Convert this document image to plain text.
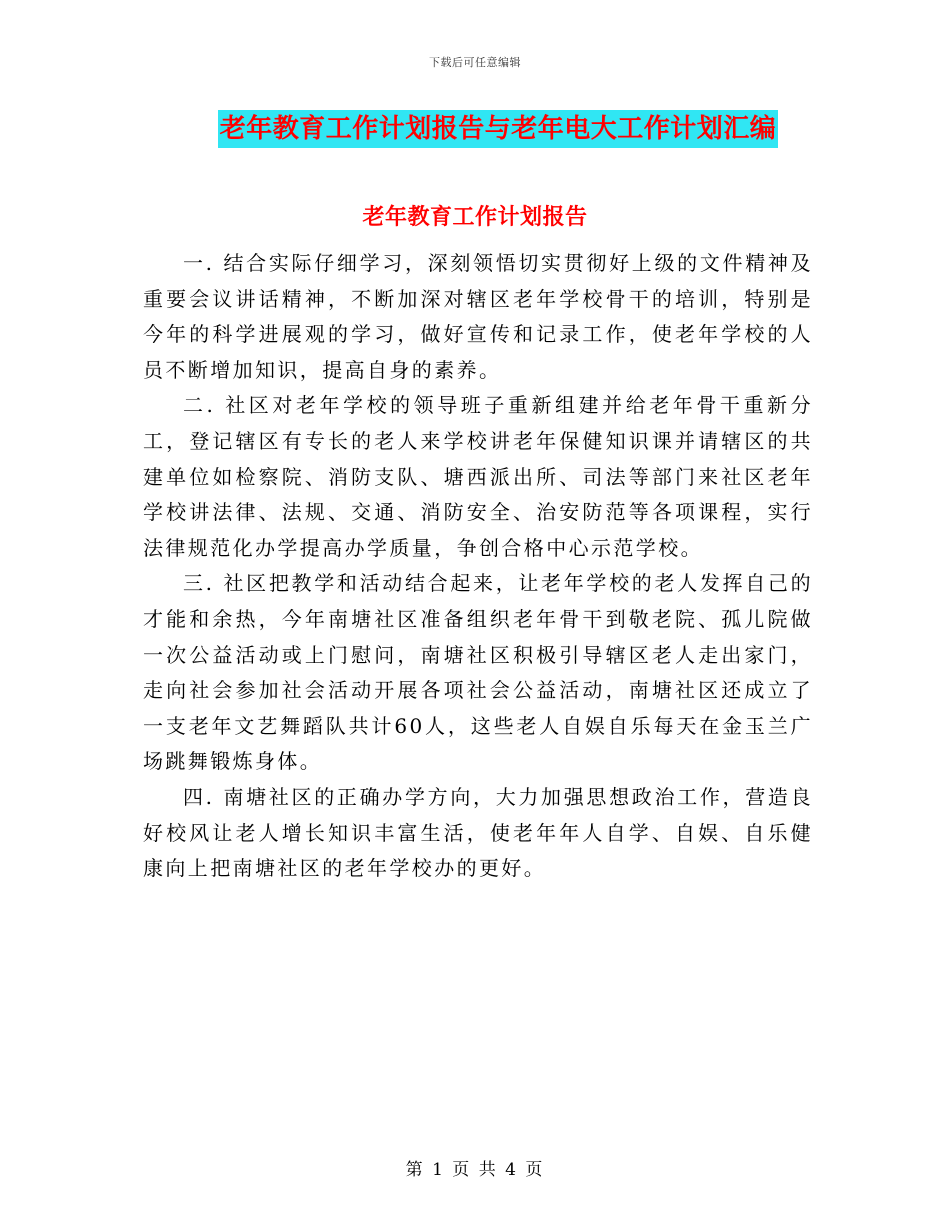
下载后可任意编辑
老年教育工作计划报告与老年电大工作计划汇编
老年教育工作计划报告

一. 结合实际仔细学习，深刻领悟切实贯彻好上级的文件精神及重要会议讲话精神，不断加深对辖区老年学校骨干的培训，特别是今年的科学进展观的学习，做好宣传和记录工作，使老年学校的人员不断增加知识，提高自身的素养。

二. 社区对老年学校的领导班子重新组建并给老年骨干重新分工，登记辖区有专长的老人来学校讲老年保健知识课并请辖区的共建单位如检察院、消防支队、塘西派出所、司法等部门来社区老年学校讲法律、法规、交通、消防安全、治安防范等各项课程，实行法律规范化办学提高办学质量，争创合格中心示范学校。

三. 社区把教学和活动结合起来，让老年学校的老人发挥自己的才能和余热，今年南塘社区准备组织老年骨干到敬老院、孤儿院做一次公益活动或上门慰问，南塘社区积极引导辖区老人走出家门，走向社会参加社会活动开展各项社会公益活动，南塘社区还成立了一支老年文艺舞蹈队共计60人，这些老人自娱自乐每天在金玉兰广场跳舞锻炼身体。

四. 南塘社区的正确办学方向，大力加强思想政治工作，营造良好校风让老人增长知识丰富生活，使老年年人自学、自娱、自乐健康向上把南塘社区的老年学校办的更好。

第 1 页 共 4 页
